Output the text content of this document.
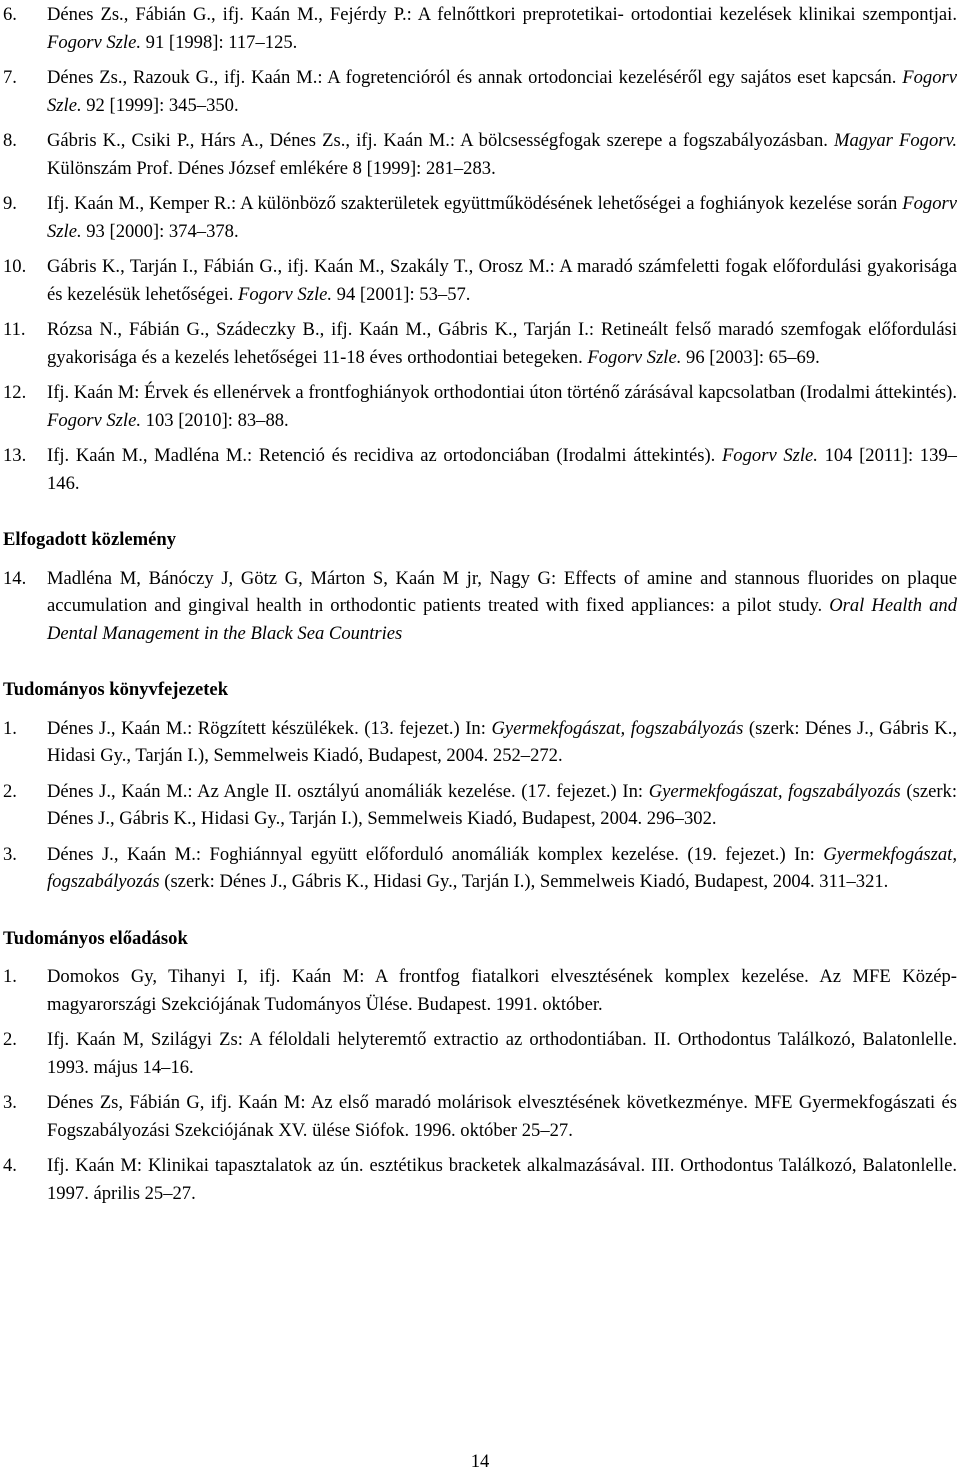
6.	Dénes Zs., Fábián G., ifj. Kaán M., Fejérdy P.: A felnőttkori preprotetikai- ortodontiai kezelések klinikai szempontjai. Fogorv Szle. 91 [1998]: 117–125.
7.	Dénes Zs., Razouk G., ifj. Kaán M.: A fogretencióról és annak ortodonciai kezeléséről egy sajátos eset kapcsán. Fogorv Szle. 92 [1999]: 345–350.
8.	Gábris K., Csiki P., Hárs A., Dénes Zs., ifj. Kaán M.: A bölcsességfogak szerepe a fogszabályozásban. Magyar Fogorv. Különszám Prof. Dénes József emlékére 8 [1999]: 281–283.
9.	Ifj. Kaán M., Kemper R.: A különböző szakterületek együttműködésének lehetőségei a foghiányok kezelése során Fogorv Szle. 93 [2000]: 374–378.
10.	Gábris K., Tarján I., Fábián G., ifj. Kaán M., Szakály T., Orosz M.: A maradó számfeletti fogak előfordulási gyakorisága és kezelésük lehetőségei. Fogorv Szle. 94 [2001]: 53–57.
11.	Rózsa N., Fábián G., Szádeczky B., ifj. Kaán M., Gábris K., Tarján I.: Retineált felső maradó szemfogak előfordulási gyakorisága és a kezelés lehetőségei 11-18 éves orthodontiai betegeken. Fogorv Szle. 96 [2003]: 65–69.
12.	Ifj. Kaán M: Érvek és ellenérvek a frontfoghiányok orthodontiai úton történő zárásával kapcsolatban (Irodalmi áttekintés). Fogorv Szle. 103 [2010]: 83–88.
13.	Ifj. Kaán M., Madléna M.: Retenció és recidiva az ortodonciában (Irodalmi áttekintés). Fogorv Szle. 104 [2011]: 139–146.
Elfogadott közlemény
14.	Madléna M, Bánóczy J, Götz G, Márton S, Kaán M jr, Nagy G: Effects of amine and stannous fluorides on plaque accumulation and gingival health in orthodontic patients treated with fixed appliances: a pilot study. Oral Health and Dental Management in the Black Sea Countries
Tudományos könyvfejezetek
1.	Dénes J., Kaán M.: Rögzített készülékek. (13. fejezet.) In: Gyermekfogászat, fogszabályozás (szerk: Dénes J., Gábris K., Hidasi Gy., Tarján I.), Semmelweis Kiadó, Budapest, 2004. 252–272.
2.	Dénes J., Kaán M.: Az Angle II. osztályú anomáliák kezelése. (17. fejezet.) In: Gyermekfogászat, fogszabályozás (szerk: Dénes J., Gábris K., Hidasi Gy., Tarján I.), Semmelweis Kiadó, Budapest, 2004. 296–302.
3.	Dénes J., Kaán M.: Foghiánnyal együtt előforduló anomáliák komplex kezelése. (19. fejezet.) In: Gyermekfogászat, fogszabályozás (szerk: Dénes J., Gábris K., Hidasi Gy., Tarján I.), Semmelweis Kiadó, Budapest, 2004. 311–321.
Tudományos előadások
1.	Domokos Gy, Tihanyi I, ifj. Kaán M: A frontfog fiatalkori elvesztésének komplex kezelése. Az MFE Közép-magyarországi Szekciójának Tudományos Ülése. Budapest. 1991. október.
2.	Ifj. Kaán M, Szilágyi Zs: A féloldali helyteremtő extractio az orthodontiában. II. Orthodontus Találkozó, Balatonlelle. 1993. május 14–16.
3.	Dénes Zs, Fábián G, ifj. Kaán M: Az első maradó molárisok elvesztésének következménye. MFE Gyermekfogászati és Fogszabályozási Szekciójának XV. ülése Siófok. 1996. október 25–27.
4.	Ifj. Kaán M: Klinikai tapasztalatok az ún. esztétikus bracketek alkalmazásával. III. Orthodontus Találkozó, Balatonlelle. 1997. április 25–27.
14
